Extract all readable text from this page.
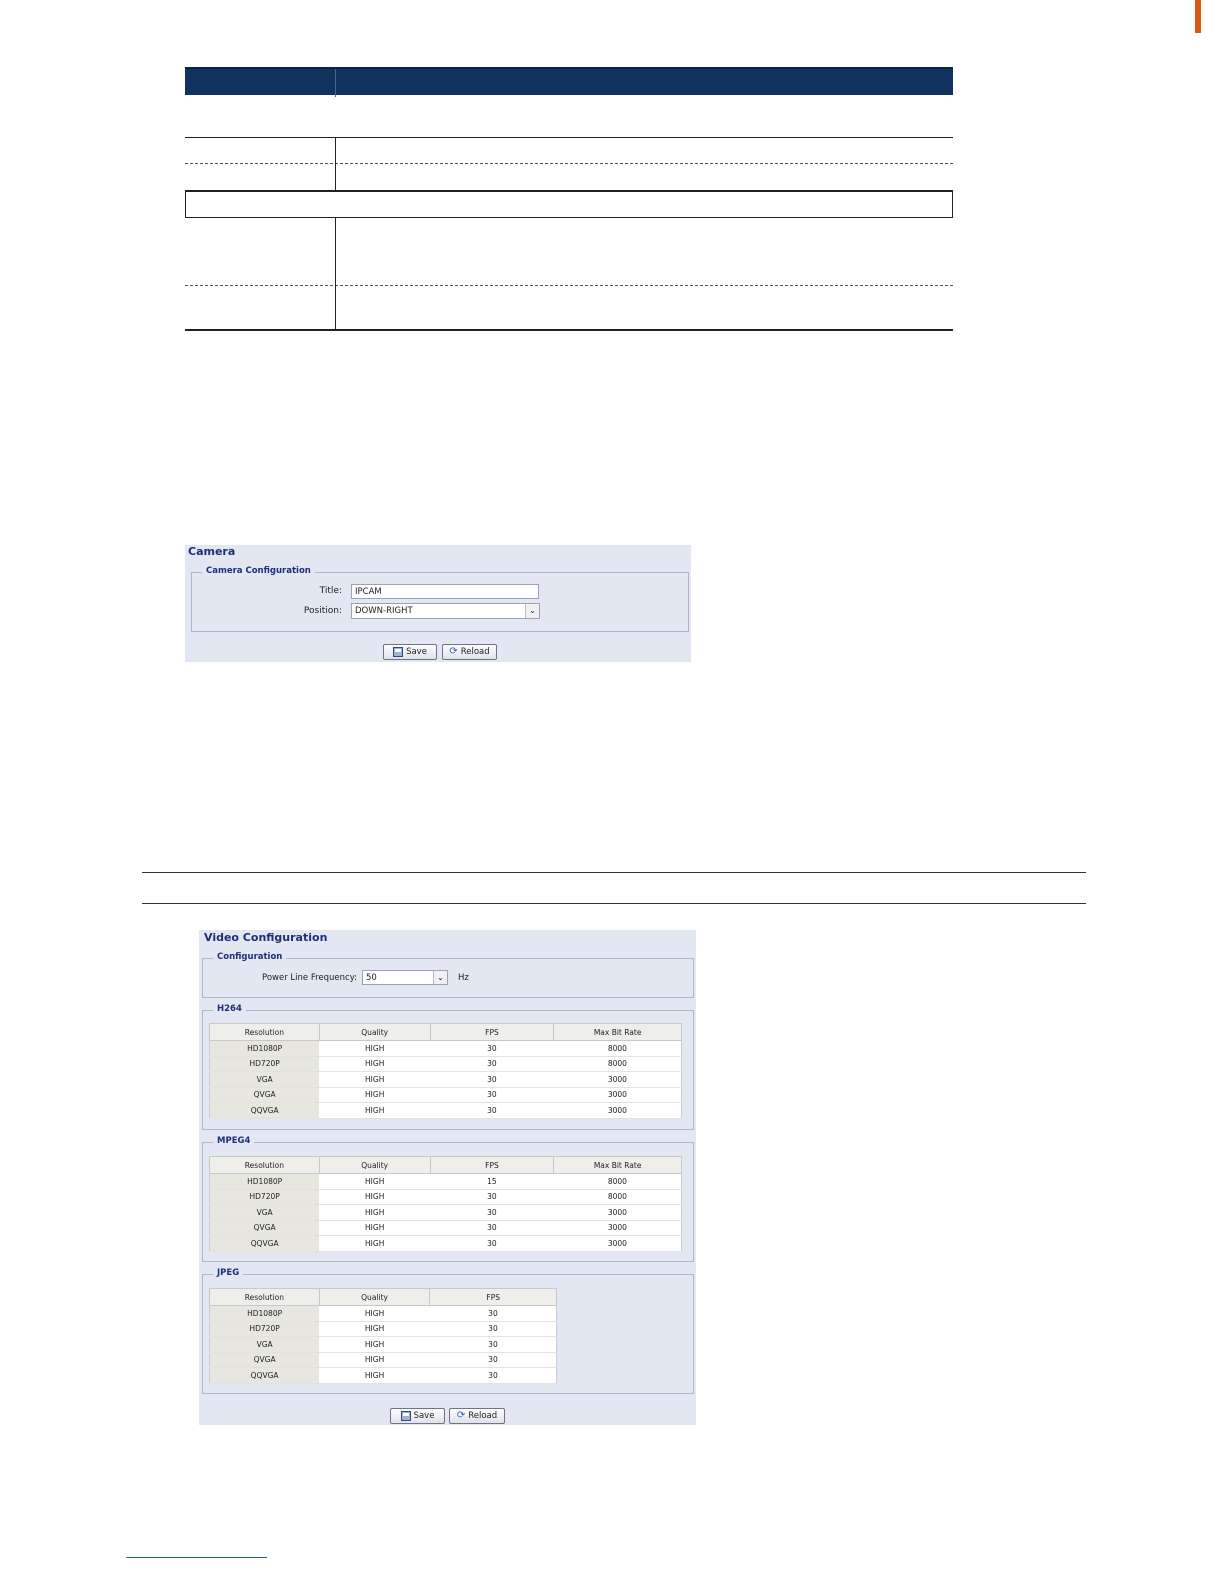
Camera
Camera Configuration
Title:	IPCAM
Position:	DOWN-RIGHT	⌄
Save ⟳ Reload
Video Configuration
Configuration
Power Line Frequency:	50	⌄	Hz
H264
Resolution	Quality	FPS	Max Bit Rate
HD1080P	HIGH	30	8000
HD720P	HIGH	30	8000
VGA	HIGH	30	3000
QVGA	HIGH	30	3000
QQVGA	HIGH	30	3000
MPEG4
Resolution	Quality	FPS	Max Bit Rate
HD1080P	HIGH	15	8000
HD720P	HIGH	30	8000
VGA	HIGH	30	3000
QVGA	HIGH	30	3000
QQVGA	HIGH	30	3000
JPEG
Resolution	Quality	FPS
HD1080P	HIGH	30
HD720P	HIGH	30
VGA	HIGH	30
QVGA	HIGH	30
QQVGA	HIGH	30
Save ⟳ Reload
